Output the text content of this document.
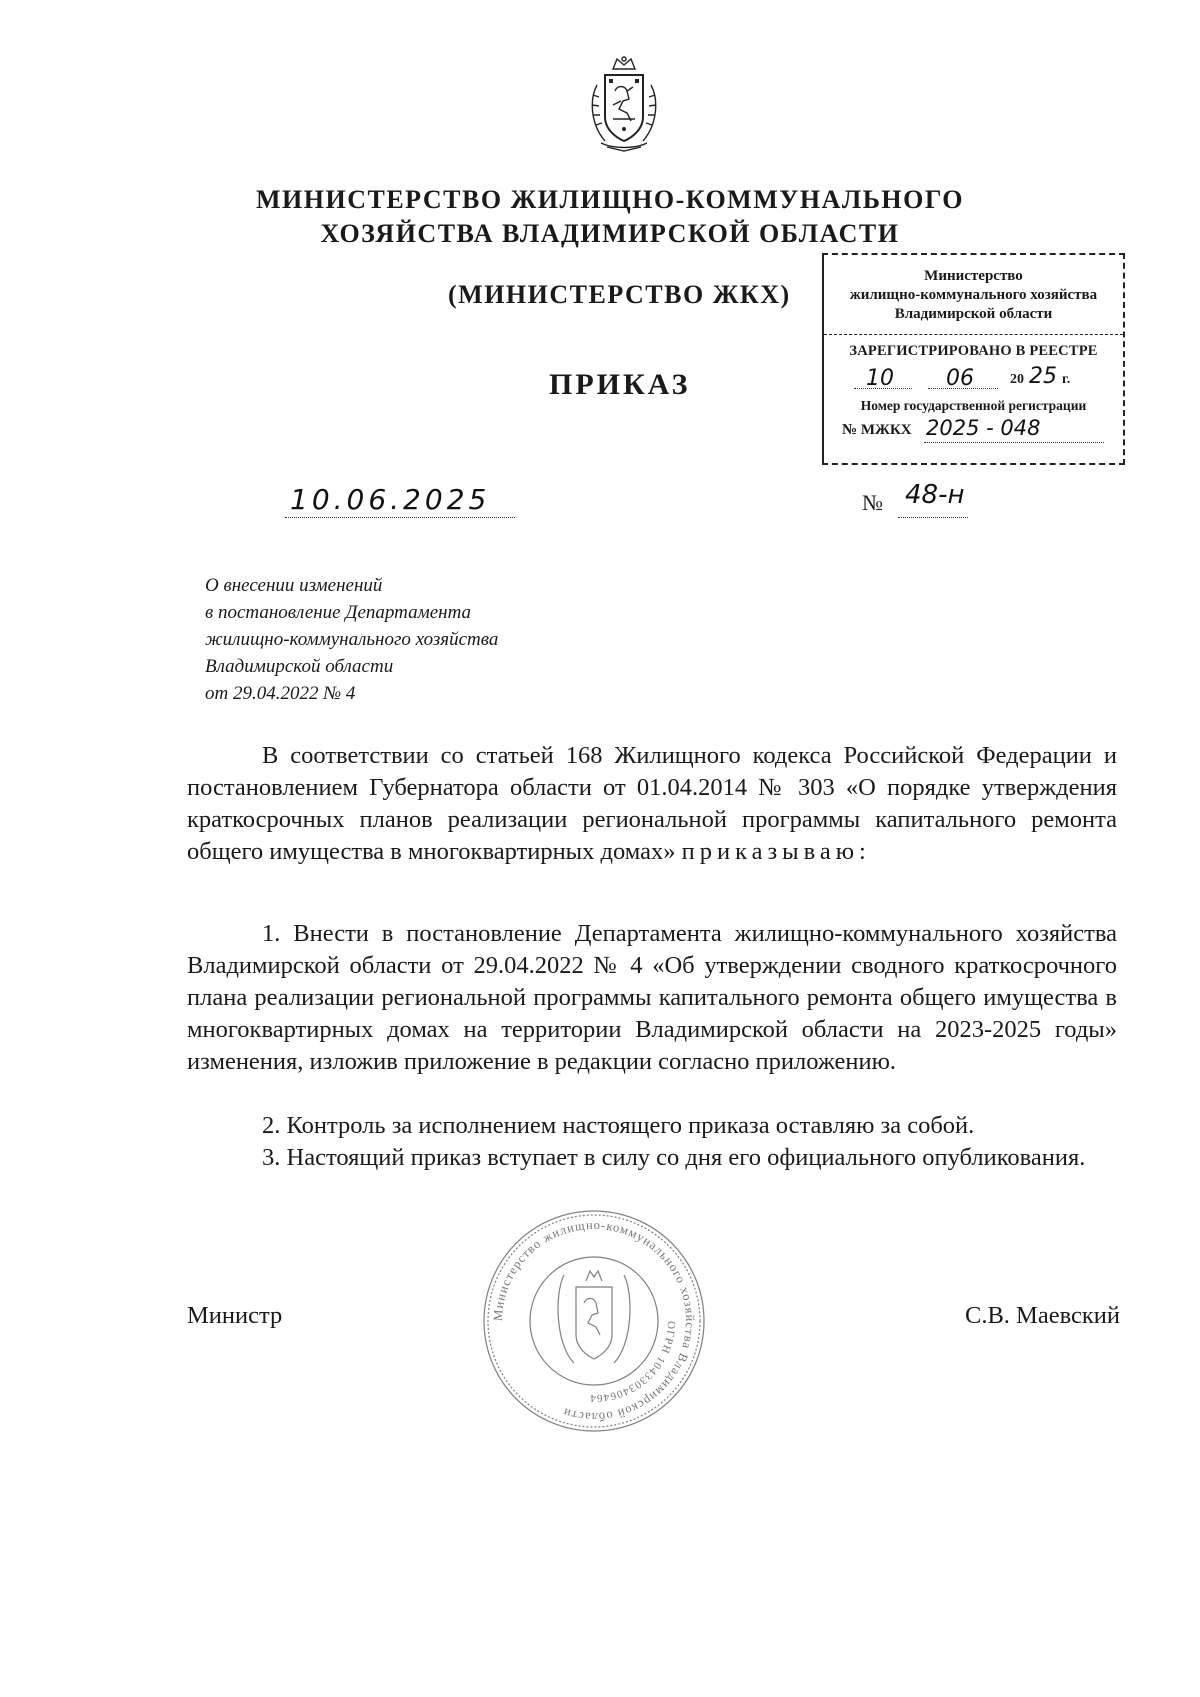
МИНИСТЕРСТВО ЖИЛИЩНО-КОММУНАЛЬНОГО
ХОЗЯЙСТВА ВЛАДИМИРСКОЙ ОБЛАСТИ
(МИНИСТЕРСТВО ЖКХ)
ПРИКАЗ
Министерство
жилищно-коммунального хозяйства
Владимирской области
ЗАРЕГИСТРИРОВАНО В РЕЕСТРЕ
10 06	20 25 г.
Номер государственной регистрации
№ МЖКХ 2025 - 048
10.06.2025	№ 48-н
О внесении изменений
в постановление Департамента
жилищно-коммунального хозяйства
Владимирской области
от 29.04.2022 № 4
В соответствии со статьей 168 Жилищного кодекса Российской Федерации и постановлением Губернатора области от 01.04.2014 № 303 «О порядке утверждения краткосрочных планов реализации региональной программы капитального ремонта общего имущества в многоквартирных домах» приказываю:
1. Внести в постановление Департамента жилищно-коммунального хозяйства Владимирской области от 29.04.2022 № 4 «Об утверждении сводного краткосрочного плана реализации региональной программы капитального ремонта общего имущества в многоквартирных домах на территории Владимирской области на 2023-2025 годы» изменения, изложив приложение в редакции согласно приложению.
2. Контроль за исполнением настоящего приказа оставляю за собой.
3. Настоящий приказ вступает в силу со дня его официального опубликования.
Министерство жилищно-коммунального хозяйства Владимирской области
ОГРН 1043303406464
Министр	С.В. Маевский
